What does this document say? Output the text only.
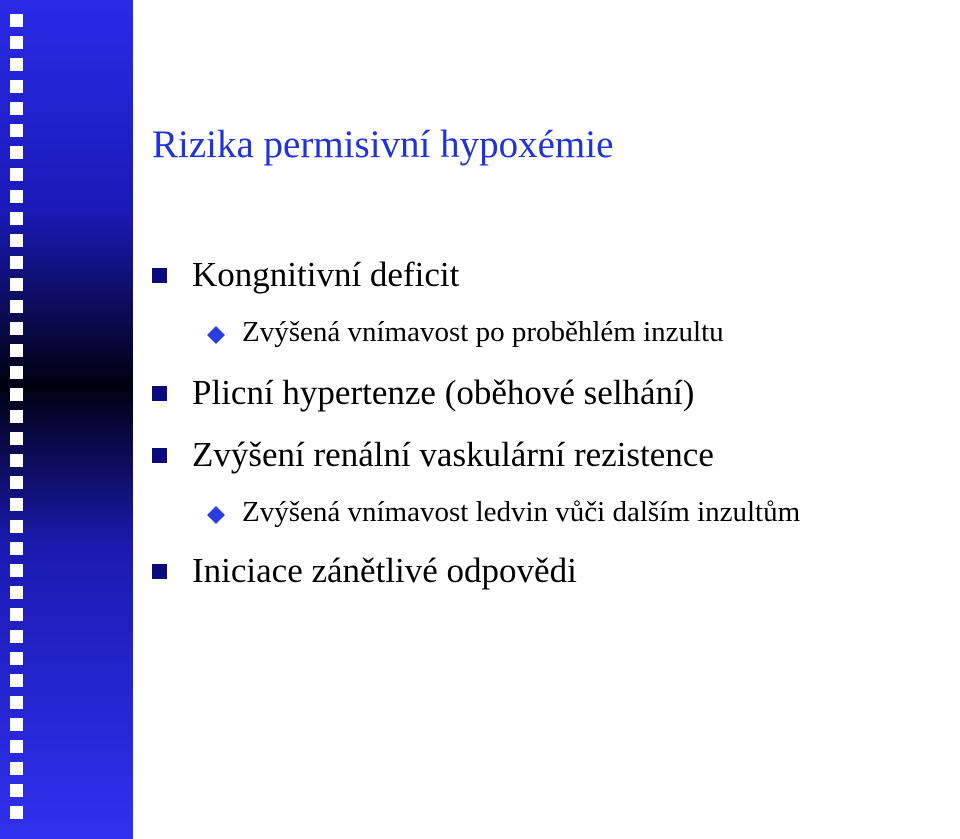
Rizika permisivní hypoxémie
Kongnitivní deficit
Zvýšená vnímavost po proběhlém inzultu
Plicní hypertenze (oběhové selhání)
Zvýšení renální vaskulární rezistence
Zvýšená vnímavost ledvin vůči dalším inzultům
Iniciace zánětlivé odpovědi
